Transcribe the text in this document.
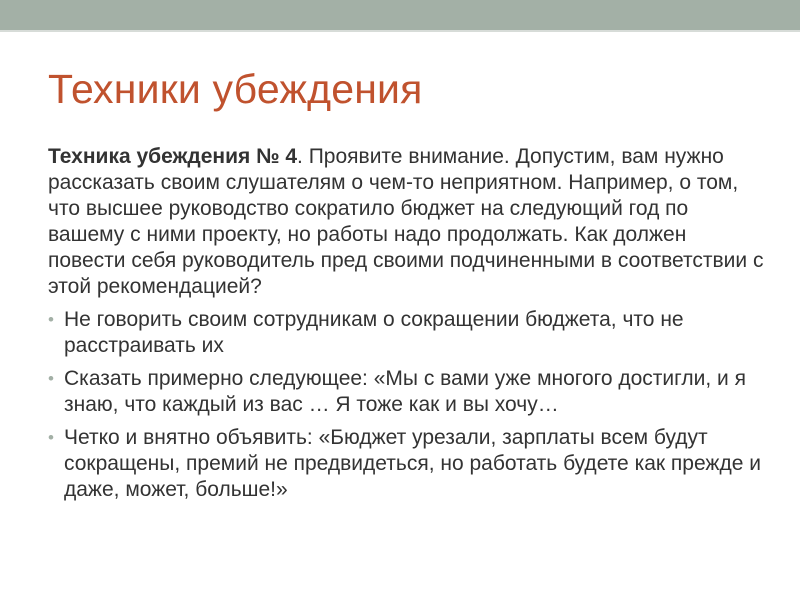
Техники убеждения

Техника убеждения № 4. Проявите внимание. Допустим, вам нужно рассказать своим слушателям о чем-то неприятном. Например, о том, что высшее руководство сократило бюджет на следующий год по вашему с ними проекту, но работы надо продолжать. Как должен повести себя руководитель пред своими подчиненными в соответствии с этой рекомендацией?

• Не говорить своим сотрудникам о сокращении бюджета, что не расстраивать их
• Сказать примерно следующее: «Мы с вами уже многого достигли, и я знаю, что каждый из вас … Я тоже как и вы хочу…
• Четко и внятно объявить: «Бюджет урезали, зарплаты всем будут сокращены, премий не предвидеться, но работать будете как прежде и даже, может, больше!»
